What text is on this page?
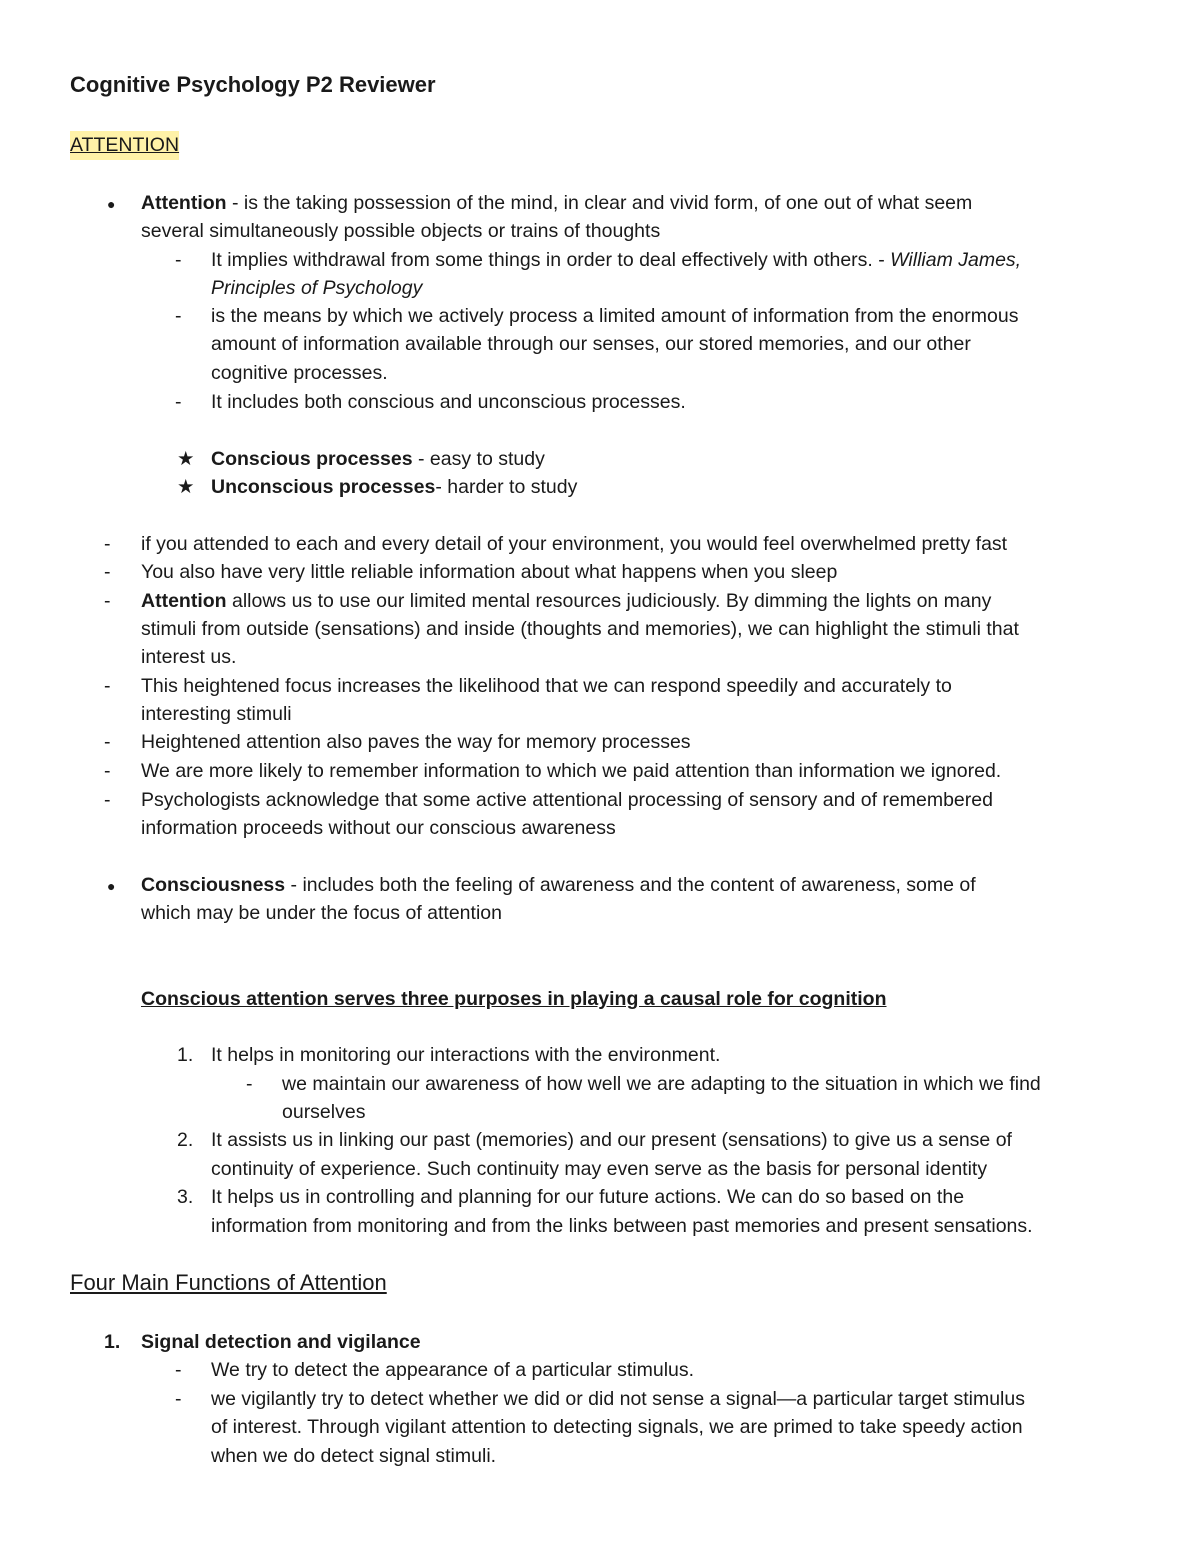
Cognitive Psychology P2 Reviewer
ATTENTION
● Attention - is the taking possession of the mind, in clear and vivid form, of one out of what seem
several simultaneously possible objects or trains of thoughts
- It implies withdrawal from some things in order to deal effectively with others. - William James,
Principles of Psychology
- is the means by which we actively process a limited amount of information from the enormous
amount of information available through our senses, our stored memories, and our other
cognitive processes.
- It includes both conscious and unconscious processes.
★ Conscious processes - easy to study
★ Unconscious processes- harder to study
- if you attended to each and every detail of your environment, you would feel overwhelmed pretty fast
- You also have very little reliable information about what happens when you sleep
- Attention allows us to use our limited mental resources judiciously. By dimming the lights on many
stimuli from outside (sensations) and inside (thoughts and memories), we can highlight the stimuli that
interest us.
- This heightened focus increases the likelihood that we can respond speedily and accurately to
interesting stimuli
- Heightened attention also paves the way for memory processes
- We are more likely to remember information to which we paid attention than information we ignored.
- Psychologists acknowledge that some active attentional processing of sensory and of remembered
information proceeds without our conscious awareness
● Consciousness - includes both the feeling of awareness and the content of awareness, some of
which may be under the focus of attention
Conscious attention serves three purposes in playing a causal role for cognition
1. It helps in monitoring our interactions with the environment.
- we maintain our awareness of how well we are adapting to the situation in which we find
ourselves
2. It assists us in linking our past (memories) and our present (sensations) to give us a sense of
continuity of experience. Such continuity may even serve as the basis for personal identity
3. It helps us in controlling and planning for our future actions. We can do so based on the
information from monitoring and from the links between past memories and present sensations.
Four Main Functions of Attention
1. Signal detection and vigilance
- We try to detect the appearance of a particular stimulus.
- we vigilantly try to detect whether we did or did not sense a signal—a particular target stimulus
of interest. Through vigilant attention to detecting signals, we are primed to take speedy action
when we do detect signal stimuli.
